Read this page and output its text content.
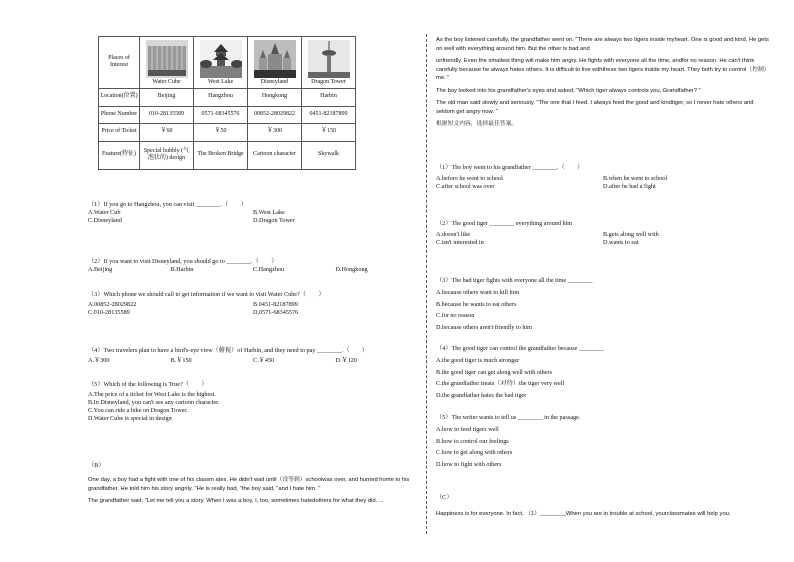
Places of Interest	Water Cube	West Lake	Disneyland	Dragon Tower

Location(位置)	Beijing	Hangzhou	Hongkong	Harbin
Phone Number	010-28135589	0571-68345576	00852-28029822	0451-82187899
Price of Ticket	￥60	￥50	￥300	￥150
Feature(特征)	Special bubbly (气泡状的) design	The Broken Bridge	Cartoon character	Skywalk

（1）If you go to Hangzhou, you can visit ________.（　　）

A.Water Cub	B.West Lake
C.Disneyland	D.Dragon Tower

（2）If you want to visit Disneyland, you should go to ________.（　　）

A.Beijing	B.Harbin	C.Hangzhou	D.Hongkong

（3）Which phone we should call to get information if we want to visit Water Cube?（　　）

A.00852-28029822	B.0451-82187899
C.010-28135589	D.0571-68345576

（4）Two travelers plan to have a bird's-eye view（俯视）of Harbin, and they need to pay ________.（　　）

A.￥300	B.￥150	C.￥450	D.￥120

（5）Which of the following is True?（　　）

A.The price of a ticket for West Lake is the highest.
B.In Disneyland, you can't see any cartoon character.
C.You can ride a bike on Dragon Tower.
D.Water Cube is special in design
（B）

One day, a boy had a fight with one of his classm ates. He didn't wait until（没等到）schoolwas over, and hurried home to his grandfather. He told him his story angrily. "He is really bad, "the boy said, "and I hate him. "

The grandfather said, "Let me tell you a story. When I was a boy, I, too, sometimes hatedothers for what they did. ...

As the boy listened carefully, the grandfather went on, "There are always two tigers inside myheart. One is good and kind. He gets on well with everything around him. But the other is bad and

unfriendly. Even the smallest thing will make him angry. He fights with everyone all the time, andfor no reason. He can't think carefully because he always hates others. It is difficult to live withthese two tigers inside my heart. They both try to control（控制）me. "

The boy looked into his grandfather's eyes and asked, "Which tiger always controls you, Grandfather? "

The old man said slowly and seriously, "The one that I feed. I always feed the good and kindtiger, so I never hate others and seldom get angry now. "

根据短文内容，选择最佳答案。

（1）The boy went to his grandfather ________.（　　）

A.before he went to school	B.when he went to school
C.after school was over	D.after he had a fight

（2）The good tiger ________ everything around him

A.doesn't like	B.gets along well with
C.isn't interested in	D.wants to eat

（3）The bad tiger fights with everyone all the time ________

A.because others want to kill him
B.because he wants to eat others
C.for no reason
D.because others aren't friendly to him

（4）The good tiger can control the grandfather because ________

A.the good tiger is much stronger
B.the good tiger can get along well with others
C.the grandfather treats（对待）the tiger very well
D.the grandfather hates the bad tiger

（5）The writer wants to tell us ________ in the passage.

A.how to feed tigers well
B.how to control our feelings
C.how to get along with others
D.how to fight with others
（C）
Happiness is for everyone. In fact, （1）________When you are in trouble at school, yourclassmates will help you.
